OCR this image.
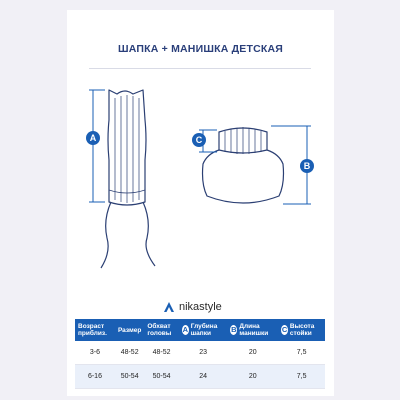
ШАПКА + МАНИШКА ДЕТСКАЯ
A	C
B
nikastyle
Возраст приблиз.	Размер	Обхват головы	A Глубина шапки	B Длина манишки	C Высота стойки

3-6	48-52	48-52	23	20	7,5
6-16	50-54	50-54	24	20	7,5
